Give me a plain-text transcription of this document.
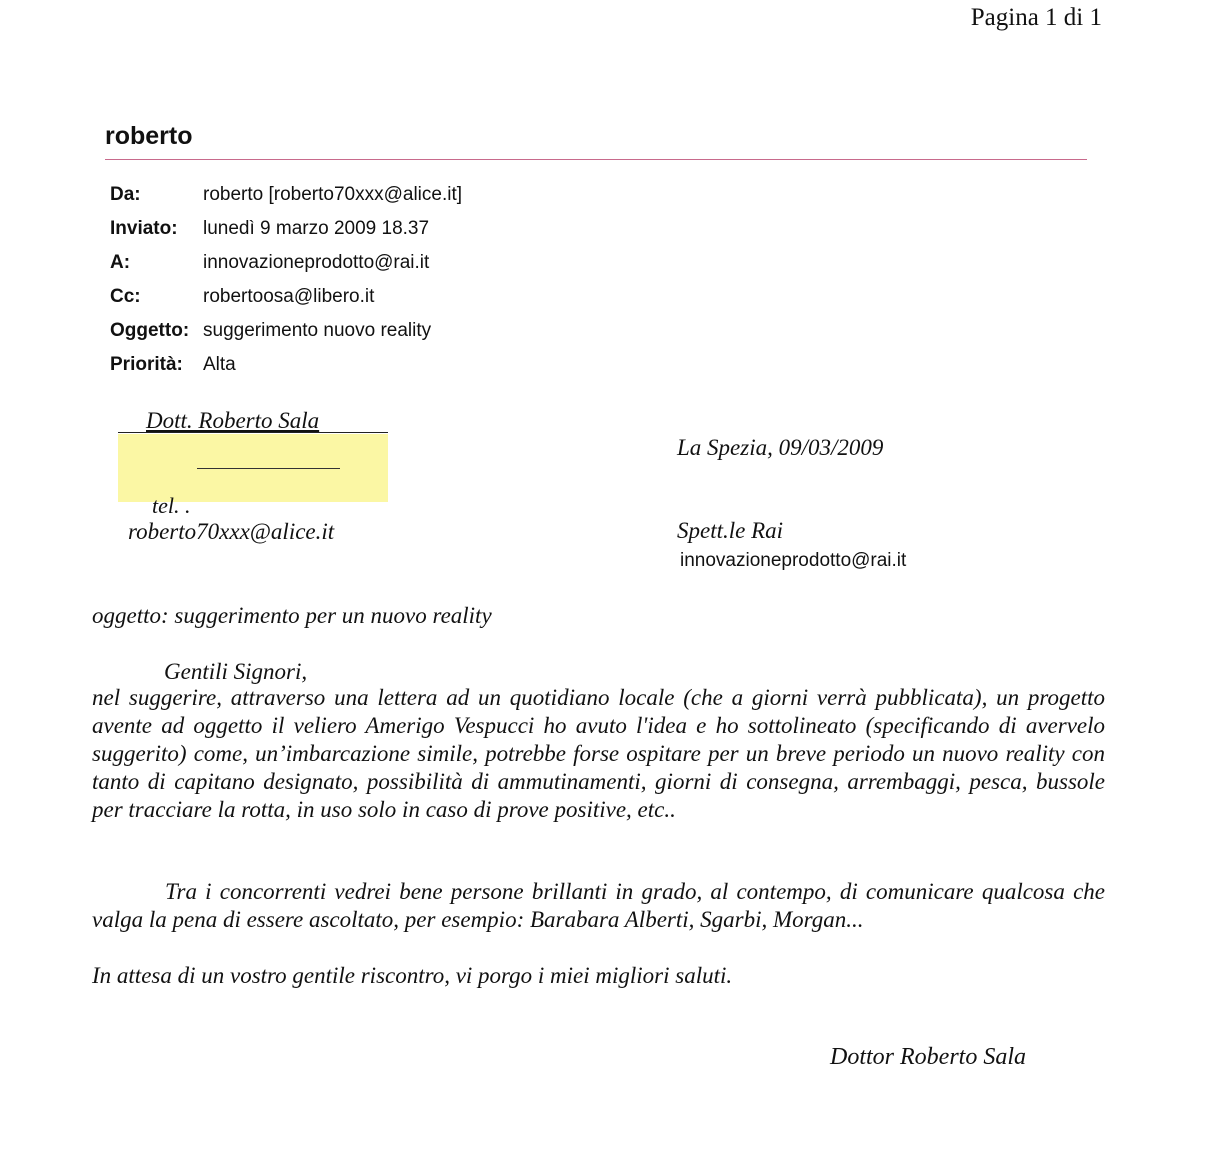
Pagina 1 di 1
roberto
Da:	roberto [roberto70xxx@alice.it]
Inviato: lunedì 9 marzo 2009 18.37
A:	innovazioneprodotto@rai.it
Cc:	robertoosa@libero.it
Oggetto: suggerimento nuovo reality
Priorità: Alta
Dott. Roberto Sala
tel. .
roberto70xxx@alice.it
La Spezia, 09/03/2009
Spett.le Rai
innovazioneprodotto@rai.it
oggetto: suggerimento per un nuovo reality
Gentili Signori,
nel suggerire, attraverso una lettera ad un quotidiano locale (che a giorni verrà pubblicata), un progetto avente ad oggetto il veliero Amerigo Vespucci ho avuto l'idea e ho sottolineato (specificando di avervelo suggerito) come, un’imbarcazione simile, potrebbe forse ospitare per un breve periodo un nuovo reality con tanto di capitano designato, possibilità di ammutinamenti, giorni di consegna, arrembaggi, pesca, bussole per tracciare la rotta, in uso solo in caso di prove positive, etc..
Tra i concorrenti vedrei bene persone brillanti in grado, al contempo, di comunicare qualcosa che valga la pena di essere ascoltato, per esempio: Barabara Alberti, Sgarbi, Morgan...
In attesa di un vostro gentile riscontro, vi porgo i miei migliori saluti.
Dottor Roberto Sala
